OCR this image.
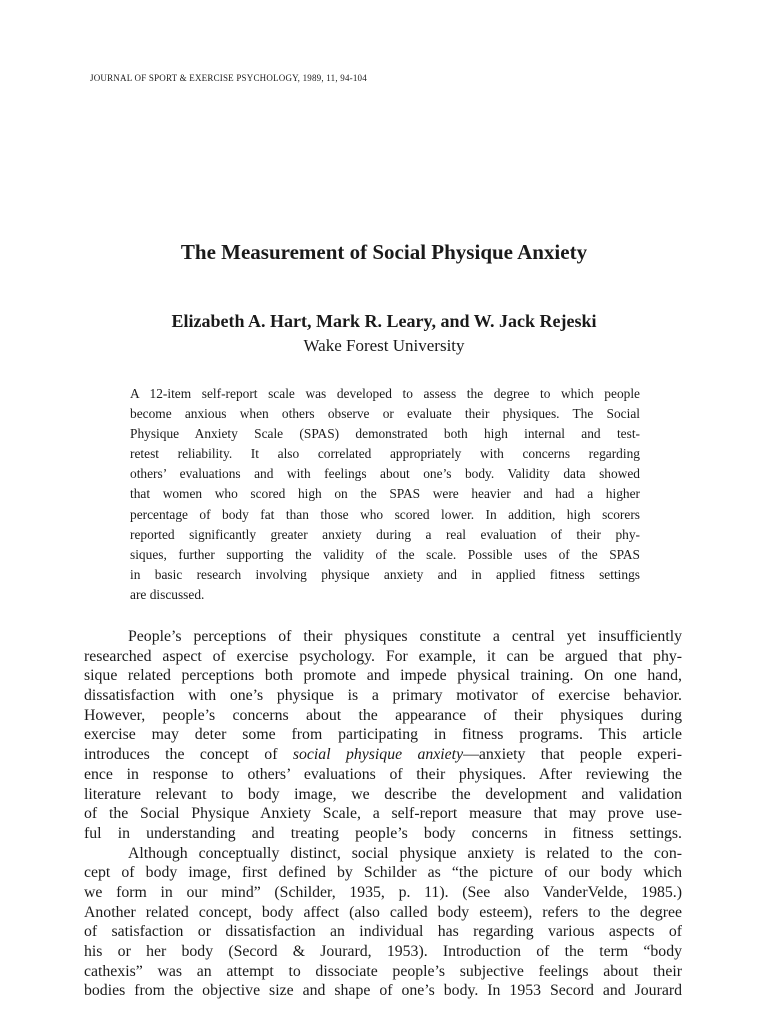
JOURNAL OF SPORT & EXERCISE PSYCHOLOGY, 1989, 11, 94-104
The Measurement of Social Physique Anxiety
Elizabeth A. Hart, Mark R. Leary, and W. Jack Rejeski
Wake Forest University
A 12-item self-report scale was developed to assess the degree to which people
become anxious when others observe or evaluate their physiques. The Social
Physique Anxiety Scale (SPAS) demonstrated both high internal and test-
retest reliability. It also correlated appropriately with concerns regarding
others’ evaluations and with feelings about one’s body. Validity data showed
that women who scored high on the SPAS were heavier and had a higher
percentage of body fat than those who scored lower. In addition, high scorers
reported significantly greater anxiety during a real evaluation of their phy-
siques, further supporting the validity of the scale. Possible uses of the SPAS
in basic research involving physique anxiety and in applied fitness settings
are discussed.
People’s perceptions of their physiques constitute a central yet insufficiently
researched aspect of exercise psychology. For example, it can be argued that phy-
sique related perceptions both promote and impede physical training. On one hand,
dissatisfaction with one’s physique is a primary motivator of exercise behavior.
However, people’s concerns about the appearance of their physiques during
exercise may deter some from participating in fitness programs. This article
introduces the concept of social physique anxiety—anxiety that people experi-
ence in response to others’ evaluations of their physiques. After reviewing the
literature relevant to body image, we describe the development and validation
of the Social Physique Anxiety Scale, a self-report measure that may prove use-
ful in understanding and treating people’s body concerns in fitness settings.
Although conceptually distinct, social physique anxiety is related to the con-
cept of body image, first defined by Schilder as “the picture of our body which
we form in our mind” (Schilder, 1935, p. 11). (See also VanderVelde, 1985.)
Another related concept, body affect (also called body esteem), refers to the degree
of satisfaction or dissatisfaction an individual has regarding various aspects of
his or her body (Secord & Jourard, 1953). Introduction of the term “body
cathexis” was an attempt to dissociate people’s subjective feelings about their
bodies from the objective size and shape of one’s body. In 1953 Secord and Jourard
